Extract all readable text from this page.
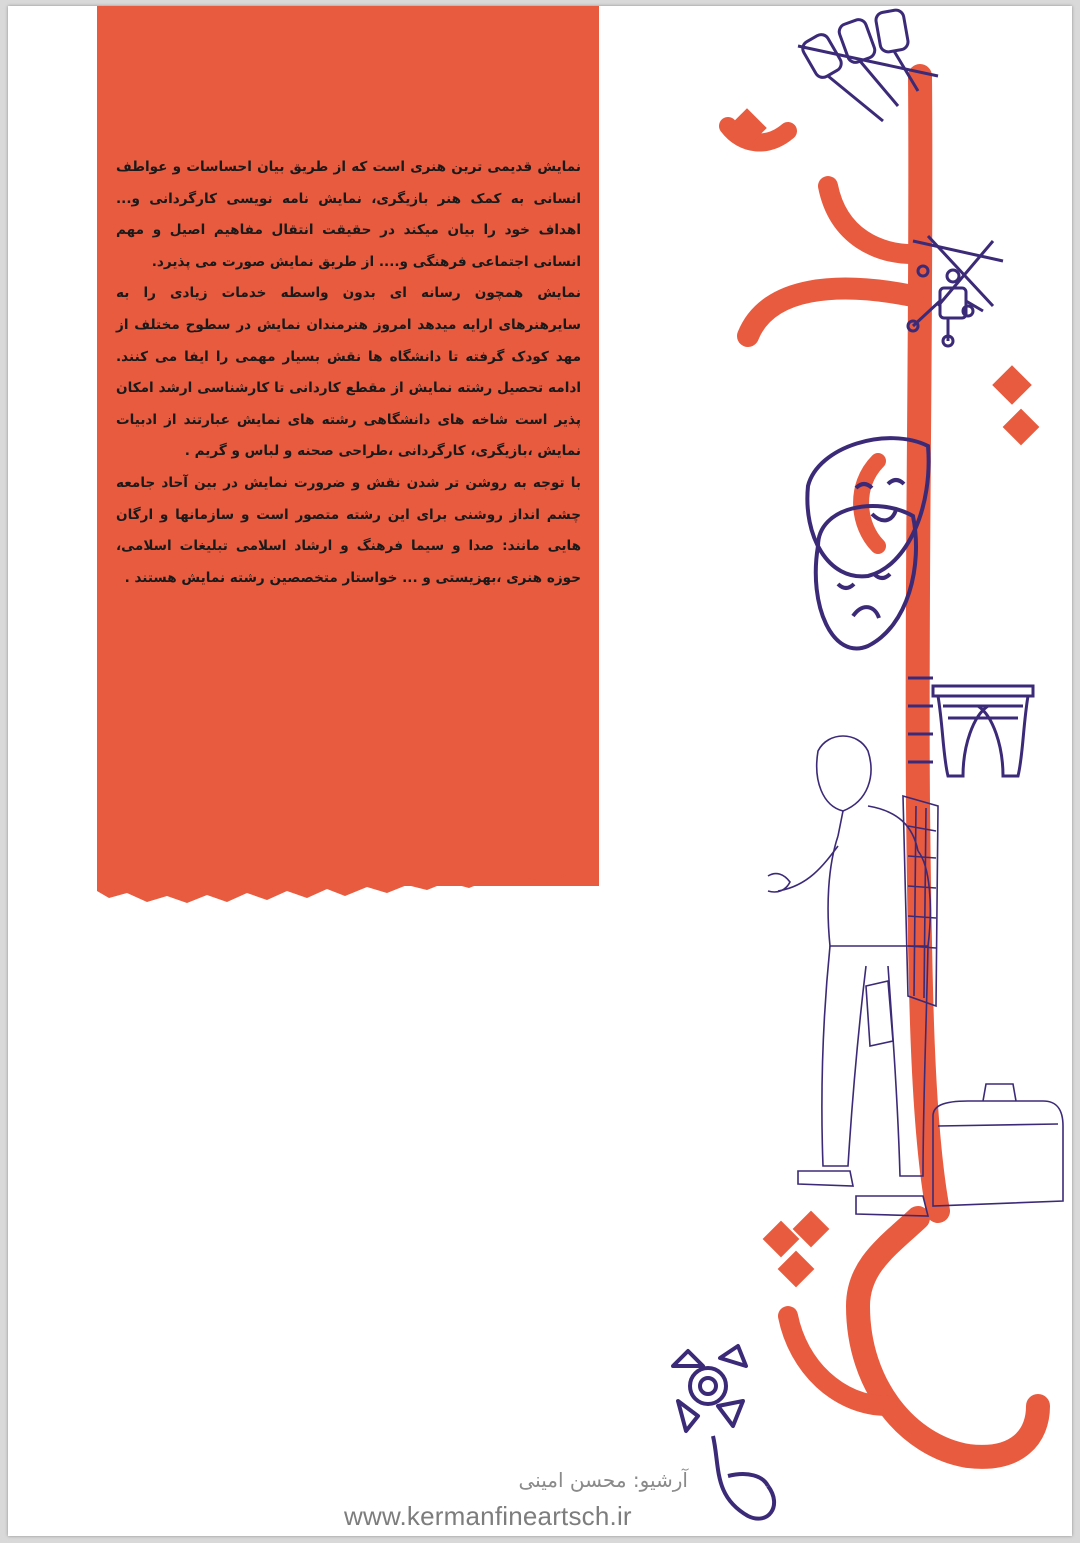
نمایش قدیمی ترین هنری است که از طریق بیان احساسات و عواطف انسانی به کمک هنر بازیگری، نمایش نامه نویسی کارگردانی و... اهداف خود را بیان میکند در حقیقت انتقال مفاهیم اصیل و مهم انسانی اجتماعی فرهنگی و.... از طریق نمایش صورت می پذیرد.

نمایش همچون رسانه ای بدون واسطه خدمات زیادی را به سایرهنرهای ارایه میدهد امروز هنرمندان نمایش در سطوح مختلف از مهد کودک گرفته تا دانشگاه ها نقش بسیار مهمی را ایفا می کنند. ادامه تحصیل رشته نمایش از مقطع کاردانی تا کارشناسی ارشد امکان پذیر است شاخه های دانشگاهی رشته های نمایش عبارتند از ادبیات نمایش ،بازیگری، کارگردانی ،طراحی صحنه و لباس و گریم .

با توجه به روشن تر شدن نقش و ضرورت نمایش در بین آحاد جامعه چشم انداز روشنی برای این رشته متصور است و سازمانها و ارگان هایی مانند: صدا و سیما فرهنگ و ارشاد اسلامی تبلیغات اسلامی، حوزه هنری ،بهزیستی و ... خواستار متخصصین رشته نمایش هستند .

آرشیو: محسن امینی
www.kermanfineartsch.ir
